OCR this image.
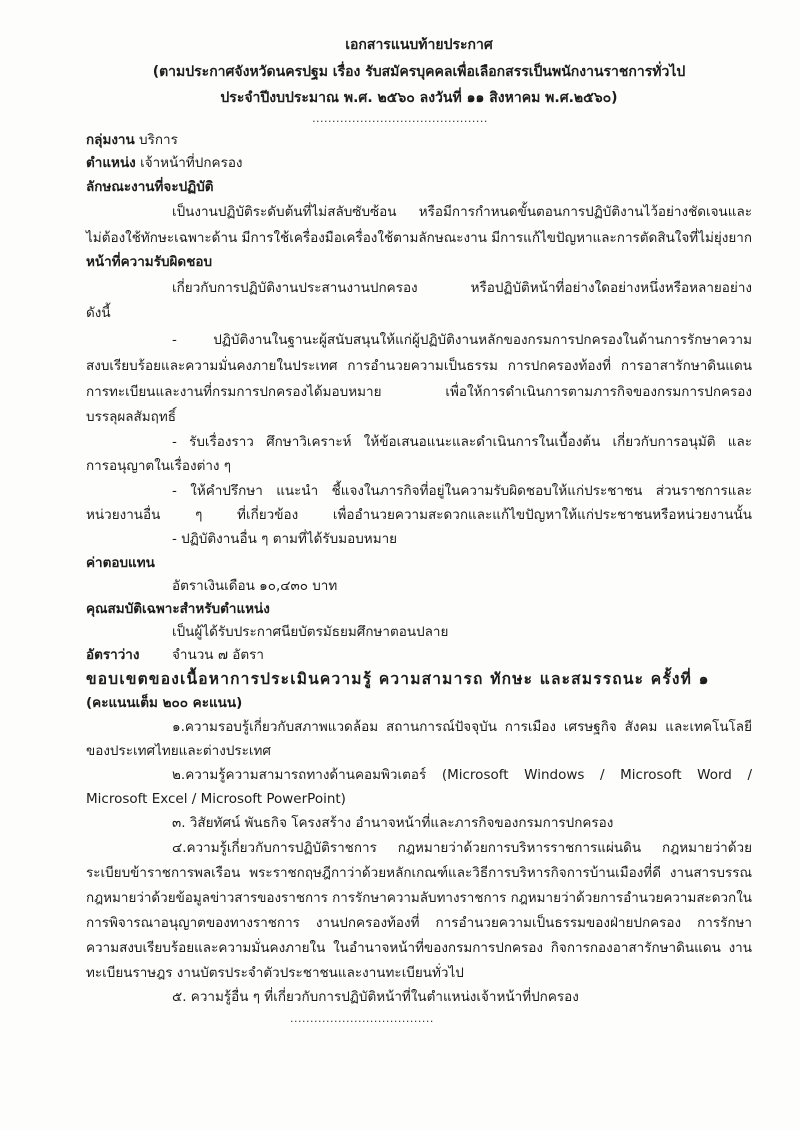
เอกสารแนบท้ายประกาศ
(ตามประกาศจังหวัดนครปฐม เรื่อง รับสมัครบุคคลเพื่อเลือกสรรเป็นพนักงานราชการทั่วไป
ประจำปีงบประมาณ พ.ศ. ๒๕๖๐ ลงวันที่ ๑๑ สิงหาคม พ.ศ.๒๕๖๐)
............................................
กลุ่มงาน บริการ
ตำแหน่ง เจ้าหน้าที่ปกครอง
ลักษณะงานที่จะปฏิบัติ
เป็นงานปฏิบัติระดับต้นที่ไม่สลับซับซ้อน หรือมีการกำหนดขั้นตอนการปฏิบัติงานไว้อย่างชัดเจนและ
ไม่ต้องใช้ทักษะเฉพาะด้าน มีการใช้เครื่องมือเครื่องใช้ตามลักษณะงาน มีการแก้ไขปัญหาและการตัดสินใจที่ไม่ยุ่งยาก
หน้าที่ความรับผิดชอบ
เกี่ยวกับการปฏิบัติงานประสานงานปกครอง หรือปฏิบัติหน้าที่อย่างใดอย่างหนึ่งหรือหลายอย่าง
ดังนี้
- ปฏิบัติงานในฐานะผู้สนับสนุนให้แก่ผู้ปฏิบัติงานหลักของกรมการปกครองในด้านการรักษาความ
สงบเรียบร้อยและความมั่นคงภายในประเทศ การอำนวยความเป็นธรรม การปกครองท้องที่ การอาสารักษาดินแดน
การทะเบียนและงานที่กรมการปกครองได้มอบหมาย เพื่อให้การดำเนินการตามภารกิจของกรมการปกครอง
บรรลุผลสัมฤทธิ์
- รับเรื่องราว ศึกษาวิเคราะห์ ให้ข้อเสนอแนะและดำเนินการในเบื้องต้น เกี่ยวกับการอนุมัติ และ
การอนุญาตในเรื่องต่าง ๆ
- ให้คำปรึกษา แนะนำ ชี้แจงในภารกิจที่อยู่ในความรับผิดชอบให้แก่ประชาชน ส่วนราชการและ
หน่วยงานอื่น ๆ ที่เกี่ยวข้อง เพื่ออำนวยความสะดวกและแก้ไขปัญหาให้แก่ประชาชนหรือหน่วยงานนั้น
- ปฏิบัติงานอื่น ๆ ตามที่ได้รับมอบหมาย
ค่าตอบแทน
อัตราเงินเดือน ๑๐,๔๓๐ บาท
คุณสมบัติเฉพาะสำหรับตำแหน่ง
เป็นผู้ได้รับประกาศนียบัตรมัธยมศึกษาตอนปลาย
อัตราว่าง จำนวน ๗ อัตรา
ขอบเขตของเนื้อหาการประเมินความรู้ ความสามารถ ทักษะ และสมรรถนะ ครั้งที่ ๑
(คะแนนเต็ม ๒๐๐ คะแนน)
๑.ความรอบรู้เกี่ยวกับสภาพแวดล้อม สถานการณ์ปัจจุบัน การเมือง เศรษฐกิจ สังคม และเทคโนโลยี
ของประเทศไทยและต่างประเทศ
๒.ความรู้ความสามารถทางด้านคอมพิวเตอร์ (Microsoft Windows / Microsoft Word /
Microsoft Excel / Microsoft PowerPoint)
๓. วิสัยทัศน์ พันธกิจ โครงสร้าง อำนาจหน้าที่และภารกิจของกรมการปกครอง
๔.ความรู้เกี่ยวกับการปฏิบัติราชการ กฎหมายว่าด้วยการบริหารราชการแผ่นดิน กฎหมายว่าด้วย
ระเบียบข้าราชการพลเรือน พระราชกฤษฎีกาว่าด้วยหลักเกณฑ์และวิธีการบริหารกิจการบ้านเมืองที่ดี งานสารบรรณ
กฎหมายว่าด้วยข้อมูลข่าวสารของราชการ การรักษาความลับทางราชการ กฎหมายว่าด้วยการอำนวยความสะดวกใน
การพิจารณาอนุญาตของทางราชการ งานปกครองท้องที่ การอำนวยความเป็นธรรมของฝ่ายปกครอง การรักษา
ความสงบเรียบร้อยและความมั่นคงภายใน ในอำนาจหน้าที่ของกรมการปกครอง กิจการกองอาสารักษาดินแดน งาน
ทะเบียนราษฎร งานบัตรประจำตัวประชาชนและงานทะเบียนทั่วไป
๕. ความรู้อื่น ๆ ที่เกี่ยวกับการปฏิบัติหน้าที่ในตำแหน่งเจ้าหน้าที่ปกครอง
....................................
